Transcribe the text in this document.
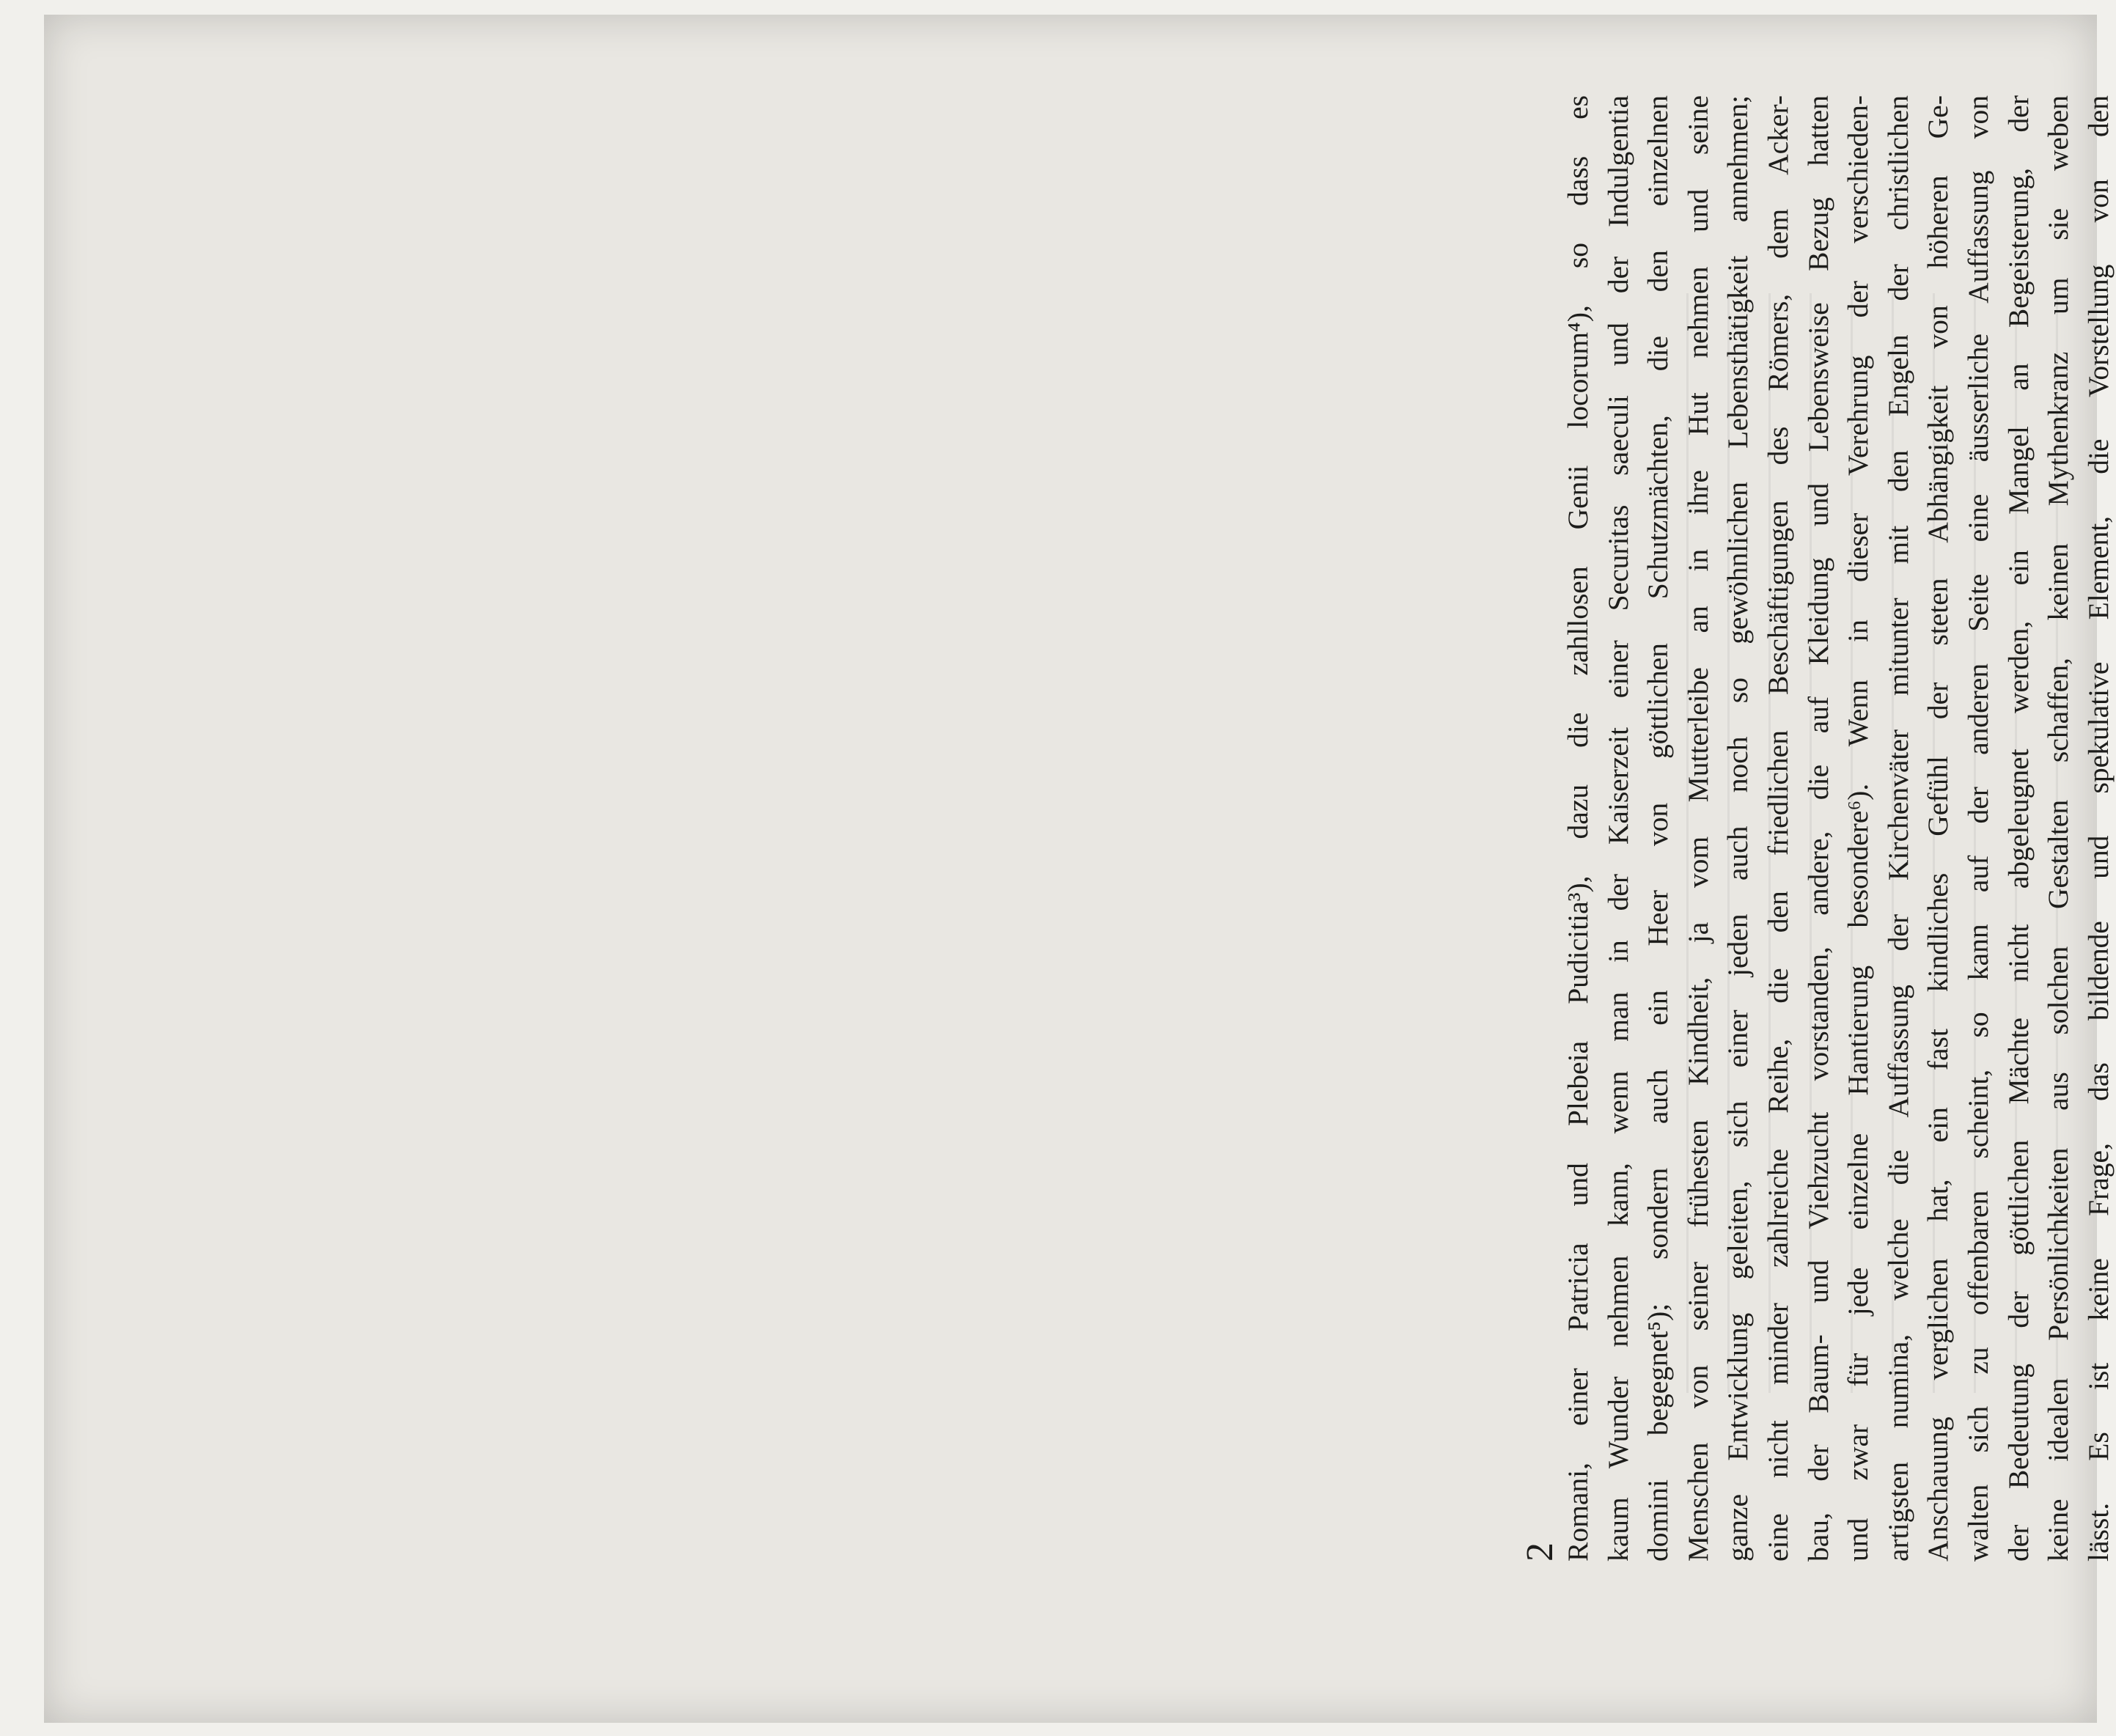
2 Romani, einer Patricia und Plebeia Pudicitia³), dazu die zahllosen Genii locorum⁴), so dass es kaum Wunder nehmen kann, wenn man in der Kaiserzeit einer Securitas saeculi und der Indulgentia domini begegnet⁵); sondern auch ein Heer von göttlichen Schutzmächten, die den einzelnen Menschen von seiner frühesten Kindheit, ja vom Mutterleibe an in ihre Hut nehmen und seine ganze Entwicklung geleiten, sich einer jeden auch noch so gewöhnlichen Lebensthätigkeit annehmen; eine nicht minder zahlreiche Reihe, die den friedlichen Beschäftigungen des Römers, dem Acker- bau, der Baum- und Viehzucht vorstanden, andere, die auf Kleidung und Lebensweise Bezug hatten und zwar für jede einzelne Hantierung besondere⁶). Wenn in dieser Verehrung der verschieden- artigsten numina, welche die Auffassung der Kirchenväter mitunter mit den Engeln der christlichen Anschauung verglichen hat, ein fast kindliches Gefühl der steten Abhängigkeit von höheren Ge- walten sich zu offenbaren scheint, so kann auf der anderen Seite eine äusserliche Auffassung von der Bedeutung der göttlichen Mächte nicht abgeleugnet werden, ein Mangel an Begeisterung, der keine idealen Persönlichkeiten aus solchen Gestalten schaffen, keinen Mythenkranz um sie weben lässt. Es ist keine Frage, das bildende und spekulative Element, die Vorstellung von den
